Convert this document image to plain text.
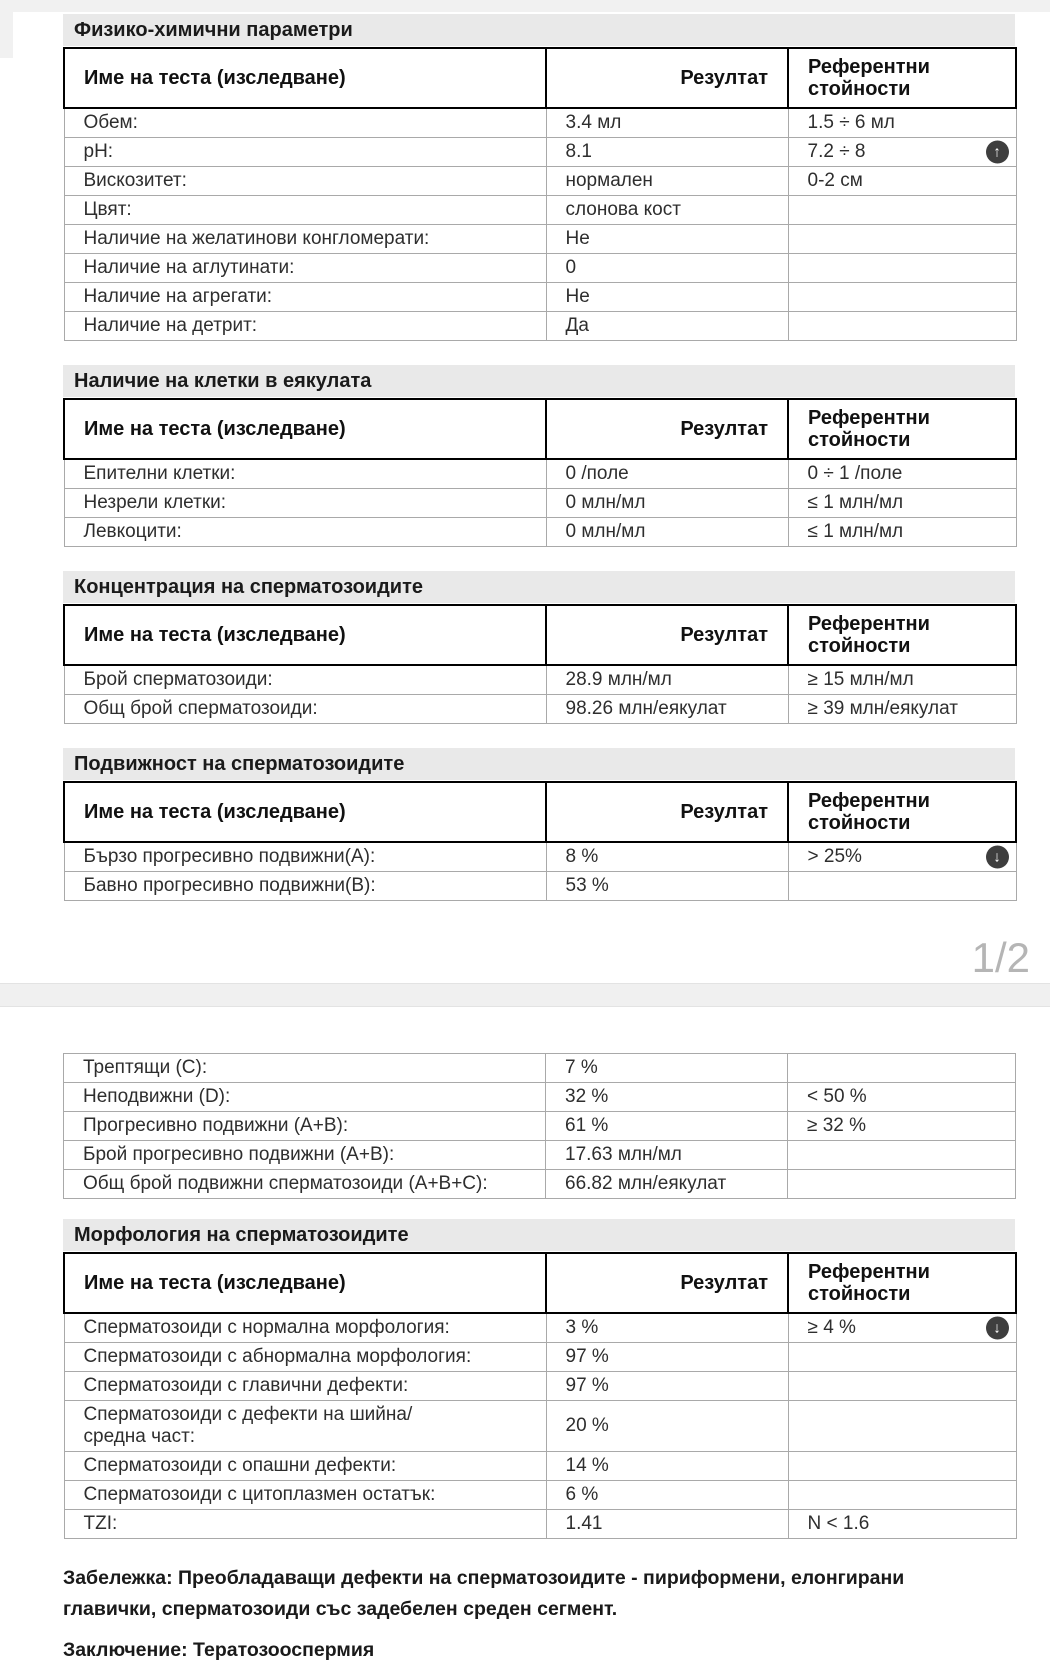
Физико-химични параметри
Име на теста (изследване)	Резултат	Референтни стойности
Обем:	3.4 мл	1.5 ÷ 6 мл
pH:	8.1	7.2 ÷ 8 ↑

Вискозитет:	нормален	0-2 см
Цвят:	слонова кост	
Наличие на желатинови конгломерати:	Не	
Наличие на аглутинати:	0	
Наличие на агрегати:	Не	
Наличие на детрит:	Да	
Наличие на клетки в еякулата
Име на теста (изследване)	Резултат	Референтни стойности
Епителни клетки:	0 /поле	0 ÷ 1 /поле
Незрели клетки:	0 млн/мл	≤ 1 млн/мл
Левкоцити:	0 млн/мл	≤ 1 млн/мл
Концентрация на сперматозоидите
Име на теста (изследване)	Резултат	Референтни стойности
Брой сперматозоиди:	28.9 млн/мл	≥ 15 млн/мл
Общ брой сперматозоиди:	98.26 млн/еякулат	≥ 39 млн/еякулат
Подвижност на сперматозоидите
Име на теста (изследване)	Резултат	Референтни стойности
Бързо прогресивно подвижни(А):	8 %	> 25% ↓

Бавно прогресивно подвижни(В):	53 %	
1/2
Трептящи (С):	7 %	
Неподвижни (D):	32 %	< 50 %
Прогресивно подвижни (А+В):	61 %	≥ 32 %
Брой прогресивно подвижни (А+В):	17.63 млн/мл	
Общ брой подвижни сперматозоиди (А+В+С):	66.82 млн/еякулат	
Морфология на сперматозоидите
Име на теста (изследване)	Резултат	Референтни стойности
Сперматозоиди с нормална морфология:	3 %	≥ 4 % ↓

Сперматозоиди с абнормална морфология:	97 %	
Сперматозоиди с главични дефекти:	97 %	
Сперматозоиди с дефекти на шийна/средна част:	20 %	
Сперматозоиди с опашни дефекти:	14 %	
Сперматозоиди с цитоплазмен остатък:	6 %	
TZI:	1.41	N < 1.6

Забележка: Преобладаващи дефекти на сперматозоидите - пириформени, елонгирани главички, сперматозоиди със задебелен среден сегмент.

Заключение: Тератозооспермия
